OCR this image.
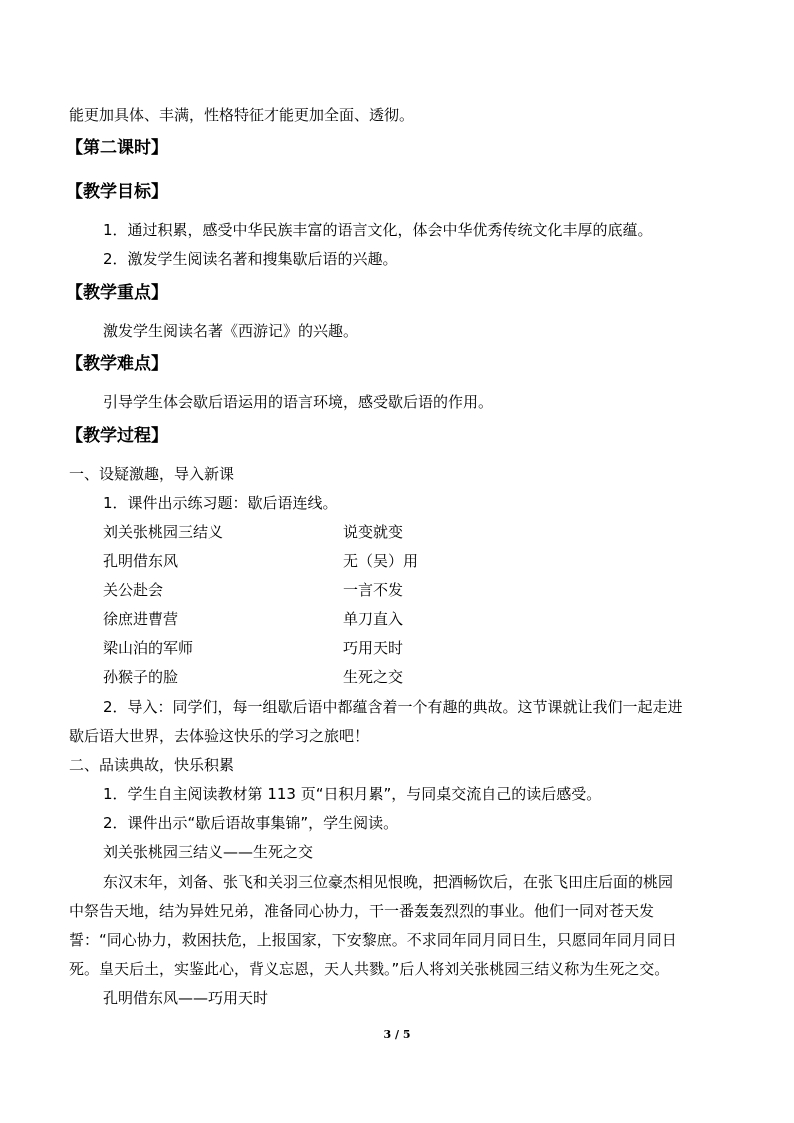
能更加具体、丰满，性格特征才能更加全面、透彻。
【第二课时】
【教学目标】
1．通过积累，感受中华民族丰富的语言文化，体会中华优秀传统文化丰厚的底蕴。
2．激发学生阅读名著和搜集歇后语的兴趣。
【教学重点】
激发学生阅读名著《西游记》的兴趣。
【教学难点】
引导学生体会歇后语运用的语言环境，感受歇后语的作用。
【教学过程】
一、设疑激趣，导入新课
1．课件出示练习题：歇后语连线。
刘关张桃园三结义	说变就变
孔明借东风	无（吴）用
关公赴会	一言不发
徐庶进曹营	单刀直入
梁山泊的军师	巧用天时
孙猴子的脸	生死之交
2．导入：同学们，每一组歇后语中都蕴含着一个有趣的典故。这节课就让我们一起走进
歇后语大世界，去体验这快乐的学习之旅吧！
二、品读典故，快乐积累
1．学生自主阅读教材第 113 页“日积月累”，与同桌交流自己的读后感受。
2．课件出示“歇后语故事集锦”，学生阅读。
刘关张桃园三结义——生死之交
东汉末年，刘备、张飞和关羽三位豪杰相见恨晚，把酒畅饮后，在张飞田庄后面的桃园
中祭告天地，结为异姓兄弟，准备同心协力，干一番轰轰烈烈的事业。他们一同对苍天发
誓：“同心协力，救困扶危，上报国家，下安黎庶。不求同年同月同日生，只愿同年同月同日
死。皇天后土，实鉴此心，背义忘恩，天人共戮。”后人将刘关张桃园三结义称为生死之交。
孔明借东风——巧用天时
3 / 5
